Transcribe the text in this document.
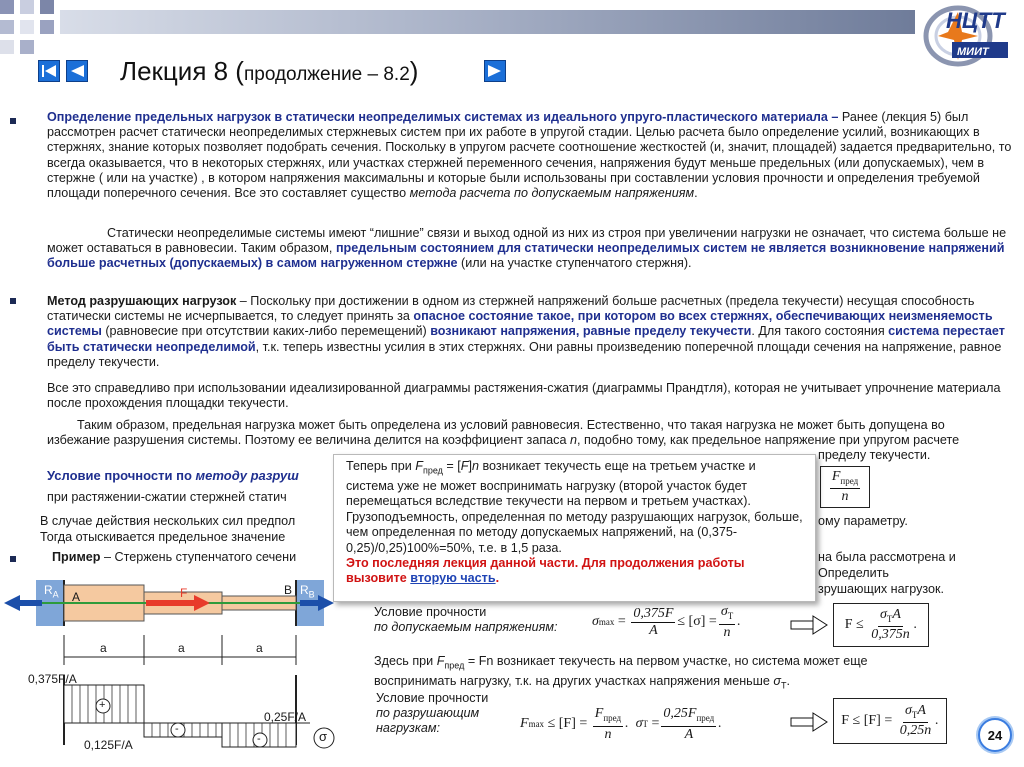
НЦТТ
МИИТ
Лекция 8 (продолжение – 8.2)
Определение предельных нагрузок в статически неопределимых системах из идеального упруго-пластического материала – Ранее (лекция 5) был рассмотрен расчет статически неопределимых стержневых систем при их работе в упругой стадии. Целью расчета было определение усилий, возникающих в стержнях, знание которых позволяет подобрать сечения. Поскольку в упругом расчете соотношение жесткостей (и, значит, площадей) задается предварительно, то всегда оказывается, что в некоторых стержнях, или участках стержней переменного сечения, напряжения будут меньше предельных (или допускаемых), чем в стержне ( или на участке) , в котором напряжения максимальны и которые были использованы при составлении условия прочности и определения требуемой площади поперечного сечения. Все это составляет существо метода расчета по допускаемым напряжениям.
Статически неопределимые системы имеют “лишние” связи и выход одной из них из строя при увеличении нагрузки не означает, что система больше не может оставаться в равновесии. Таким образом, предельным состоянием для статически неопределимых систем не является возникновение напряжений больше расчетных (допускаемых) в самом нагруженном стержне (или на участке ступенчатого стержня).
Метод разрушающих нагрузок – Поскольку при достижении в одном из стержней напряжений больше расчетных (предела текучести) несущая способность статически системы не исчерпывается, то следует принять за опасное состояние такое, при котором во всех стержнях, обеспечивающих неизменяемость системы (равновесие при отсутствии каких-либо перемещений) возникают напряжения, равные пределу текучести. Для такого состояния система перестает быть статически неопределимой, т.к. теперь известны усилия в этих стержнях. Они равны произведению поперечной площади сечения на напряжение, равное пределу текучести.
Все это справедливо при использовании идеализированной диаграммы растяжения-сжатия (диаграммы Прандтля), которая не учитывает упрочнение материала после прохождения площадки текучести.
Таким образом, предельная нагрузка может быть определена из условий равновесия. Естественно, что такая нагрузка не может быть допущена во избежание разрушения системы. Поэтому ее величина делится на коэффициент запаса n, подобно тому, как предельное напряжение при упругом расчете
пределу текучести.
Условие прочности по методу разруш
при растяжении-сжатии стержней статич	$\frac{F_{пред}}{n}$
В случае действия нескольких сил предпол	ому параметру.
Тогда отыскивается предельное значение
Пример – Стержень ступенчатого сечени	на была рассмотрена и
Определить
зрушающих нагрузок.
Теперь при $F_{пред} = [F]n$ возникает текучесть еще на третьем участке и система уже не может воспринимать нагрузку (второй участок будет перемещаться вследствие текучести на первом и третьем участках). Грузоподъемность, определенная по методу разрушающих нагрузок, больше, чем определенная по методу допускаемых напряжений, на (0,375-0,25)/0,25)100%=50%, т.е. в 1,5 раза.
Это последняя лекция данной части. Для продолжения работы вызовите вторую часть.
$R_A$	$R_B$
A	B
F
a	a	a
0,375F/A
0,25F/A
0,125F/A
+
-
-	σ
Условие прочности
по допускаемым напряжениям: σ $\max = \frac{0,375F}{A} \le [\sigma] = \frac{\sigma_Т}{n}$ .	F ≤
$\frac{\sigma_ТA}{0,375n}$ .
Здесь при $F_{пред} = Fn$ возникает текучесть на первом участке, но система может еще воспринимать нагрузку, т.к. на других участках напряжения меньше $\sigma_Т$.
Условие прочности
по разрушающим
нагрузкам:	F max
≤ [F] =
$\frac{F_{пред}}{n}$ . σ Т
= $\frac{0,25F_{пред}}{A}$ .	F ≤ [F] =
$\frac{\sigma_ТA}{0,25n}$ .
24
